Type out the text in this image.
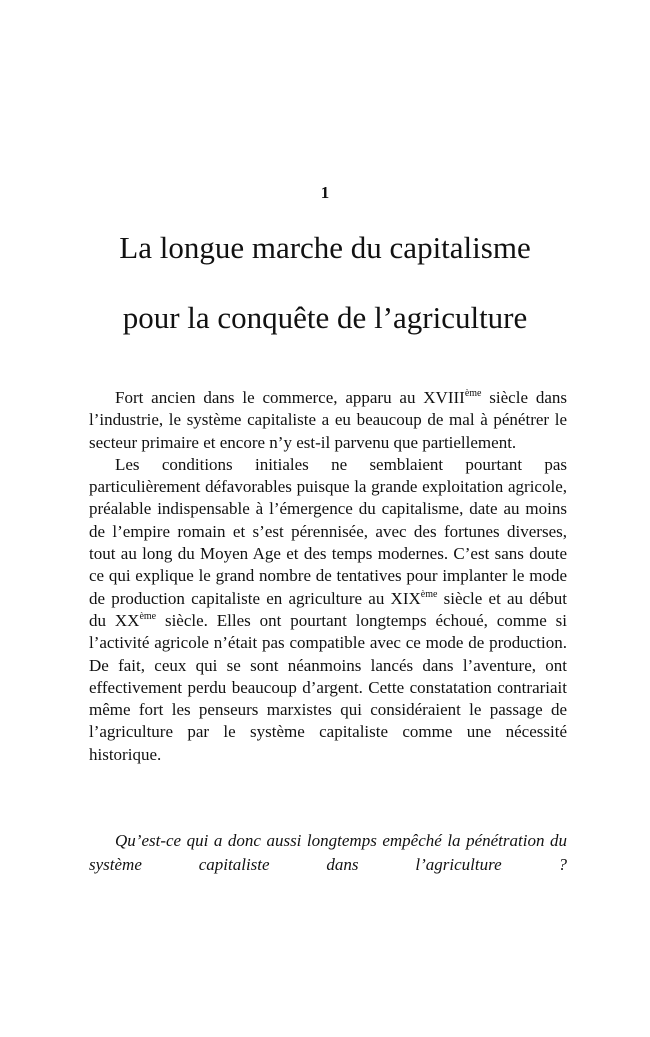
1
La longue marche du capitalisme
pour la conquête de l’agriculture

Fort ancien dans le commerce, apparu au XVIIIème siècle dans l’industrie, le système capitaliste a eu beaucoup de mal à pénétrer le secteur primaire et encore n’y est-il parvenu que partiellement.

Les conditions initiales ne semblaient pourtant pas particulièrement défavorables puisque la grande exploitation agricole, préalable indispensable à l’émergence du capitalisme, date au moins de l’empire romain et s’est pérennisée, avec des fortunes diverses, tout au long du Moyen Age et des temps modernes. C’est sans doute ce qui explique le grand nombre de tentatives pour implanter le mode de production capitaliste en agriculture au XIXème siècle et au début du XXème siècle. Elles ont pourtant longtemps échoué, comme si l’activité agricole n’était pas compatible avec ce mode de production. De fait, ceux qui se sont néanmoins lancés dans l’aventure, ont effectivement perdu beaucoup d’argent. Cette constatation contrariait même fort les penseurs marxistes qui considéraient le passage de l’agriculture par le système capitaliste comme une nécessité historique.

Qu’est-ce qui a donc aussi longtemps empêché la pénétration du système capitaliste dans l’agriculture ?
